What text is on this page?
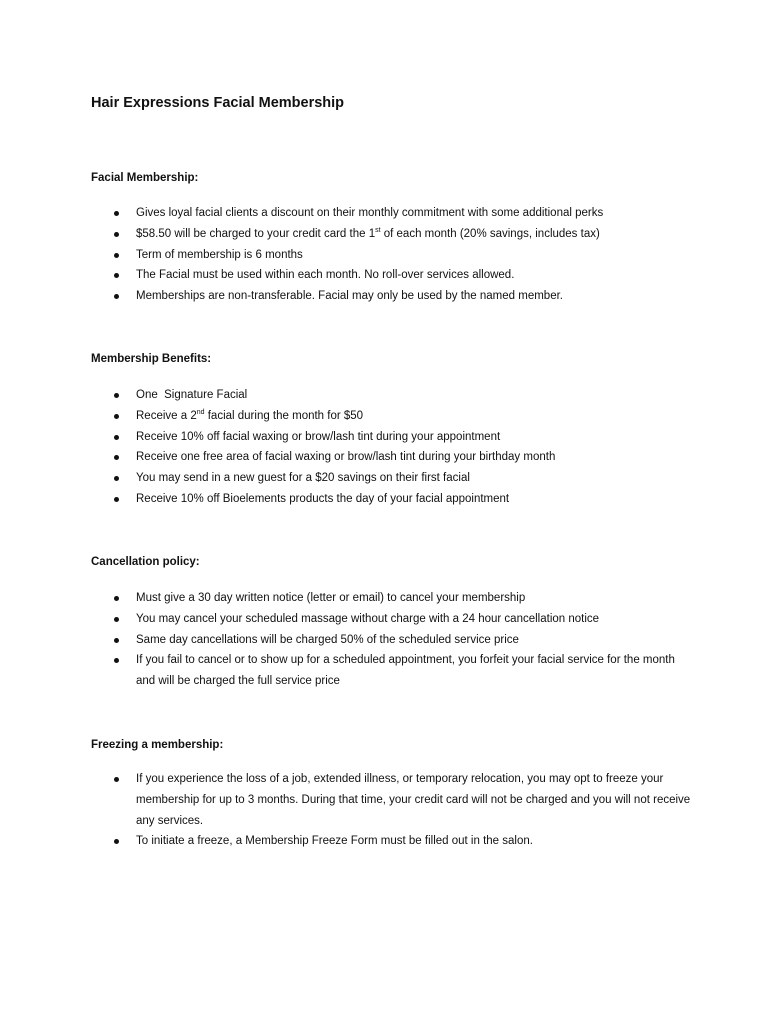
Hair Expressions Facial Membership
Facial Membership:
Gives loyal facial clients a discount on their monthly commitment with some additional perks
$58.50 will be charged to your credit card the 1st of each month (20% savings, includes tax)
Term of membership is 6 months
The Facial must be used within each month. No roll-over services allowed.
Memberships are non-transferable. Facial may only be used by the named member.
Membership Benefits:
One  Signature Facial
Receive a 2nd facial during the month for $50
Receive 10% off facial waxing or brow/lash tint during your appointment
Receive one free area of facial waxing or brow/lash tint during your birthday month
You may send in a new guest for a $20 savings on their first facial
Receive 10% off Bioelements products the day of your facial appointment
Cancellation policy:
Must give a 30 day written notice (letter or email) to cancel your membership
You may cancel your scheduled massage without charge with a 24 hour cancellation notice
Same day cancellations will be charged 50% of the scheduled service price
If you fail to cancel or to show up for a scheduled appointment, you forfeit your facial service for the month and will be charged the full service price
Freezing a membership:
If you experience the loss of a job, extended illness, or temporary relocation, you may opt to freeze your membership for up to 3 months. During that time, your credit card will not be charged and you will not receive any services.
To initiate a freeze, a Membership Freeze Form must be filled out in the salon.
